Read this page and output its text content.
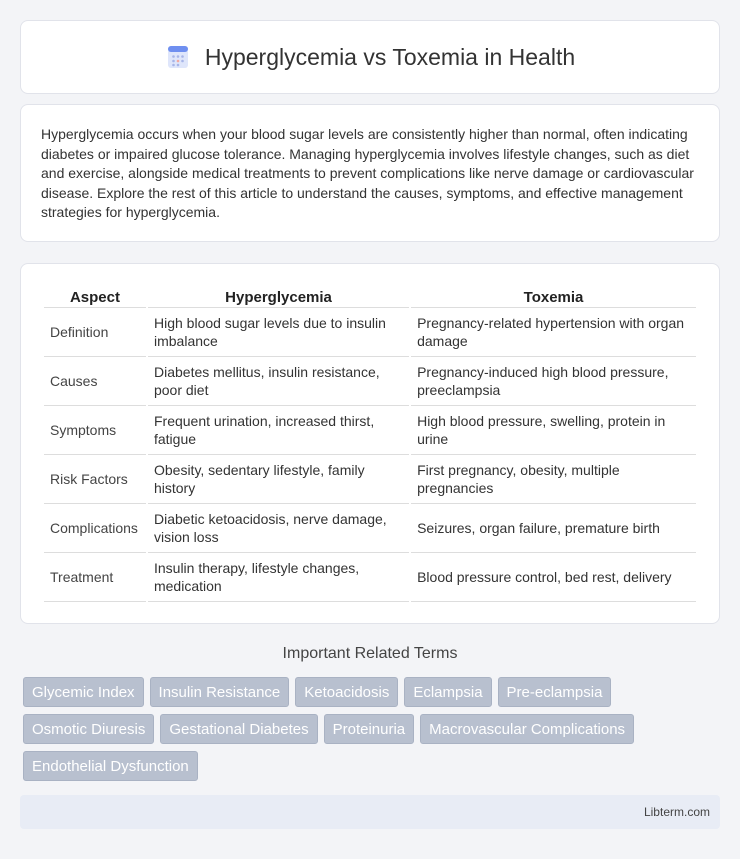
Hyperglycemia vs Toxemia in Health

Hyperglycemia occurs when your blood sugar levels are consistently higher than normal, often indicating diabetes or impaired glucose tolerance. Managing hyperglycemia involves lifestyle changes, such as diet and exercise, alongside medical treatments to prevent complications like nerve damage or cardiovascular disease. Explore the rest of this article to understand the causes, symptoms, and effective management strategies for hyperglycemia.

Aspect	Hyperglycemia	Toxemia
Definition	High blood sugar levels due to insulin imbalance	Pregnancy-related hypertension with organ damage
Causes	Diabetes mellitus, insulin resistance, poor diet	Pregnancy-induced high blood pressure, preeclampsia
Symptoms	Frequent urination, increased thirst, fatigue	High blood pressure, swelling, protein in urine
Risk Factors	Obesity, sedentary lifestyle, family history	First pregnancy, obesity, multiple pregnancies
Complications	Diabetic ketoacidosis, nerve damage, vision loss	Seizures, organ failure, premature birth
Treatment	Insulin therapy, lifestyle changes, medication	Blood pressure control, bed rest, delivery
Important Related Terms
Glycemic Index	Insulin Resistance	Ketoacidosis	Eclampsia	Pre-eclampsia
Osmotic Diuresis	Gestational Diabetes	Proteinuria	Macrovascular Complications
Endothelial Dysfunction
Libterm.com
